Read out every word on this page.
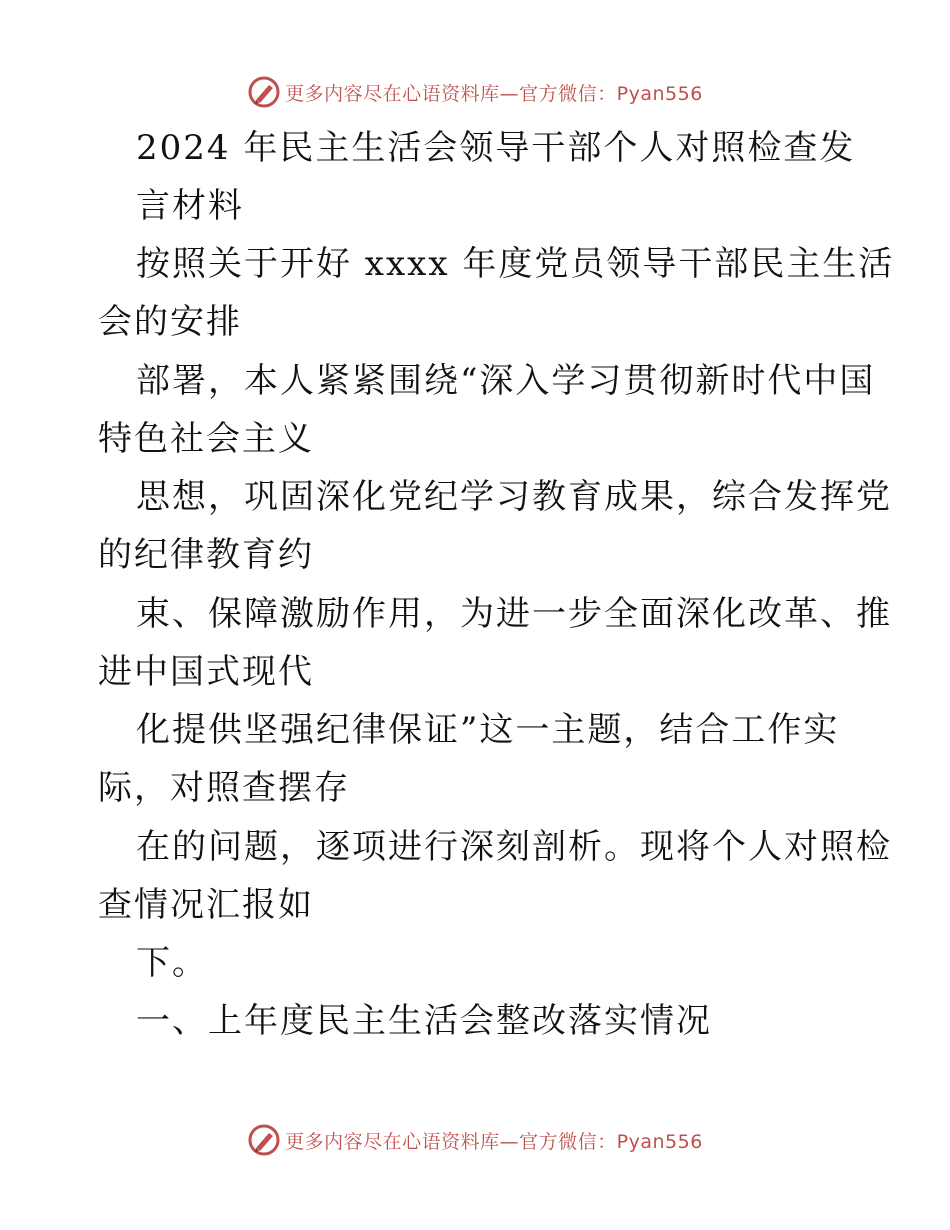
更多内容尽在心语资料库—官方微信：Pyan556
2024 年民主生活会领导干部个人对照检查发
言材料
按照关于开好 xxxx 年度党员领导干部民主生活
会的安排
部署，本人紧紧围绕“深入学习贯彻新时代中国
特色社会主义
思想，巩固深化党纪学习教育成果，综合发挥党
的纪律教育约
束、保障激励作用，为进一步全面深化改革、推
进中国式现代
化提供坚强纪律保证”这一主题，结合工作实
际，对照查摆存
在的问题，逐项进行深刻剖析。现将个人对照检
查情况汇报如
下。
一、上年度民主生活会整改落实情况
更多内容尽在心语资料库—官方微信：Pyan556
